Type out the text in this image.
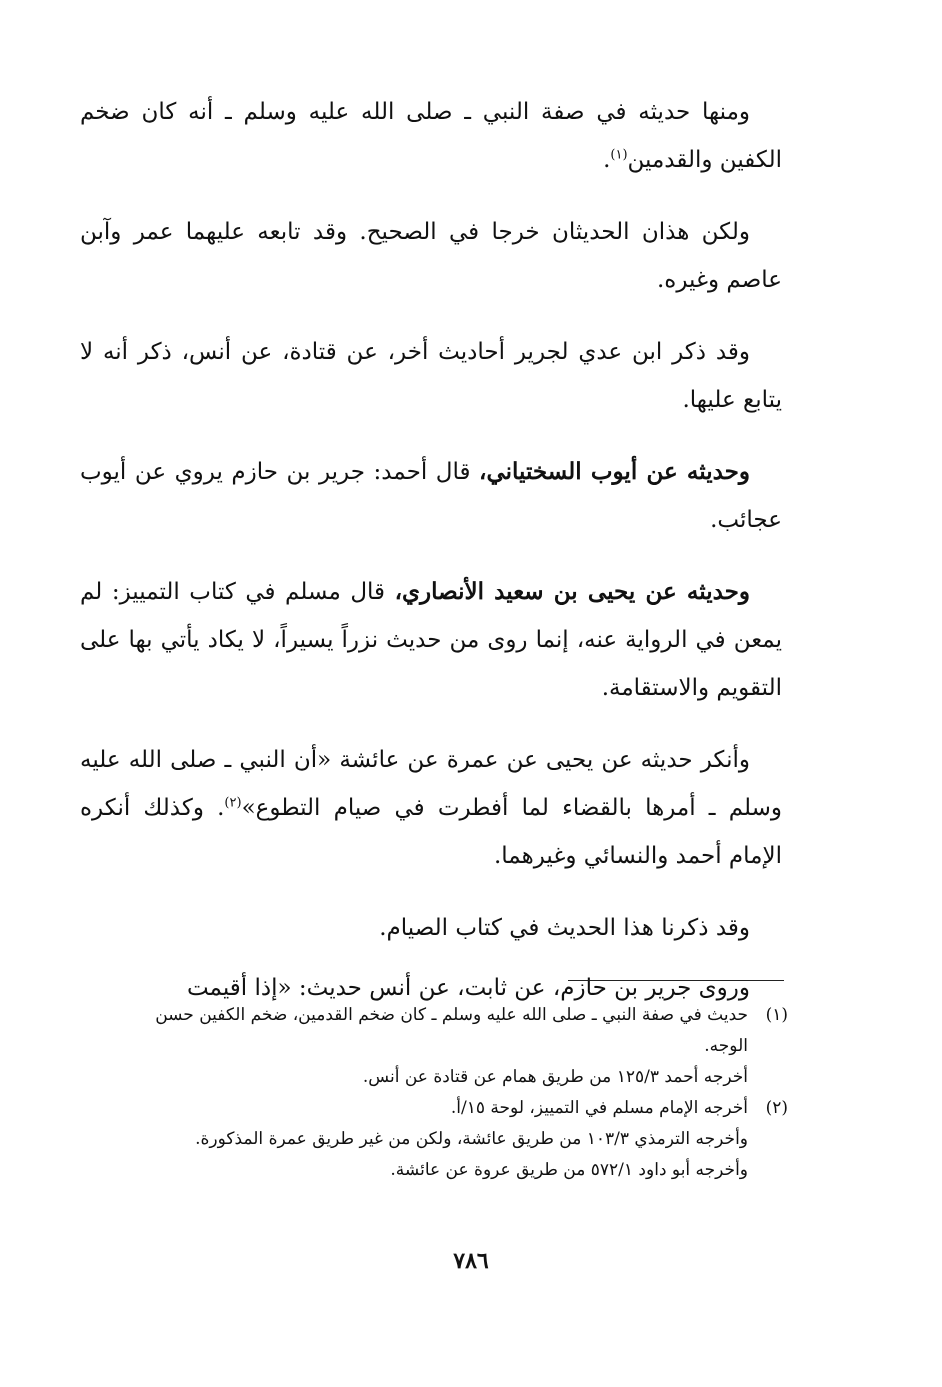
ومنها حديثه في صفة النبي ـ صلى الله عليه وسلم ـ أنه كان ضخم الكفين والقدمين$^{(١)}$.

ولكن هذان الحديثان خرجا في الصحيح. وقد تابعه عليهما عمر وآبن عاصم وغيره.

وقد ذكر ابن عدي لجرير أحاديث أخر، عن قتادة، عن أنس، ذكر أنه لا يتابع عليها.

وحديثه عن أيوب السختياني، قال أحمد: جرير بن حازم يروي عن أيوب عجائب.

وحديثه عن يحيى بن سعيد الأنصاري، قال مسلم في كتاب التمييز: لم يمعن في الرواية عنه، إنما روى من حديث نزراً يسيراً، لا يكاد يأتي بها على التقويم والاستقامة.

وأنكر حديثه عن يحيى عن عمرة عن عائشة «أن النبي ـ صلى الله عليه وسلم ـ أمرها بالقضاء لما أفطرت في صيام التطوع»$^{(٢)}$. وكذلك أنكره الإمام أحمد والنسائي وغيرهما.

وقد ذكرنا هذا الحديث في كتاب الصيام.

وروى جرير بن حازم، عن ثابت، عن أنس حديث: «إذا أقيمت

(١)

حديث في صفة النبي ـ صلى الله عليه وسلم ـ كان ضخم القدمين، ضخم الكفين حسن الوجه.

أخرجه أحمد ١٢٥/٣ من طريق همام عن قتادة عن أنس.

(٢)

أخرجه الإمام مسلم في التمييز، لوحة ١٥/أ.

وأخرجه الترمذي ١٠٣/٣ من طريق عائشة، ولكن من غير طريق عمرة المذكورة.

وأخرجه أبو داود ٥٧٢/١ من طريق عروة عن عائشة.

٧٨٦
